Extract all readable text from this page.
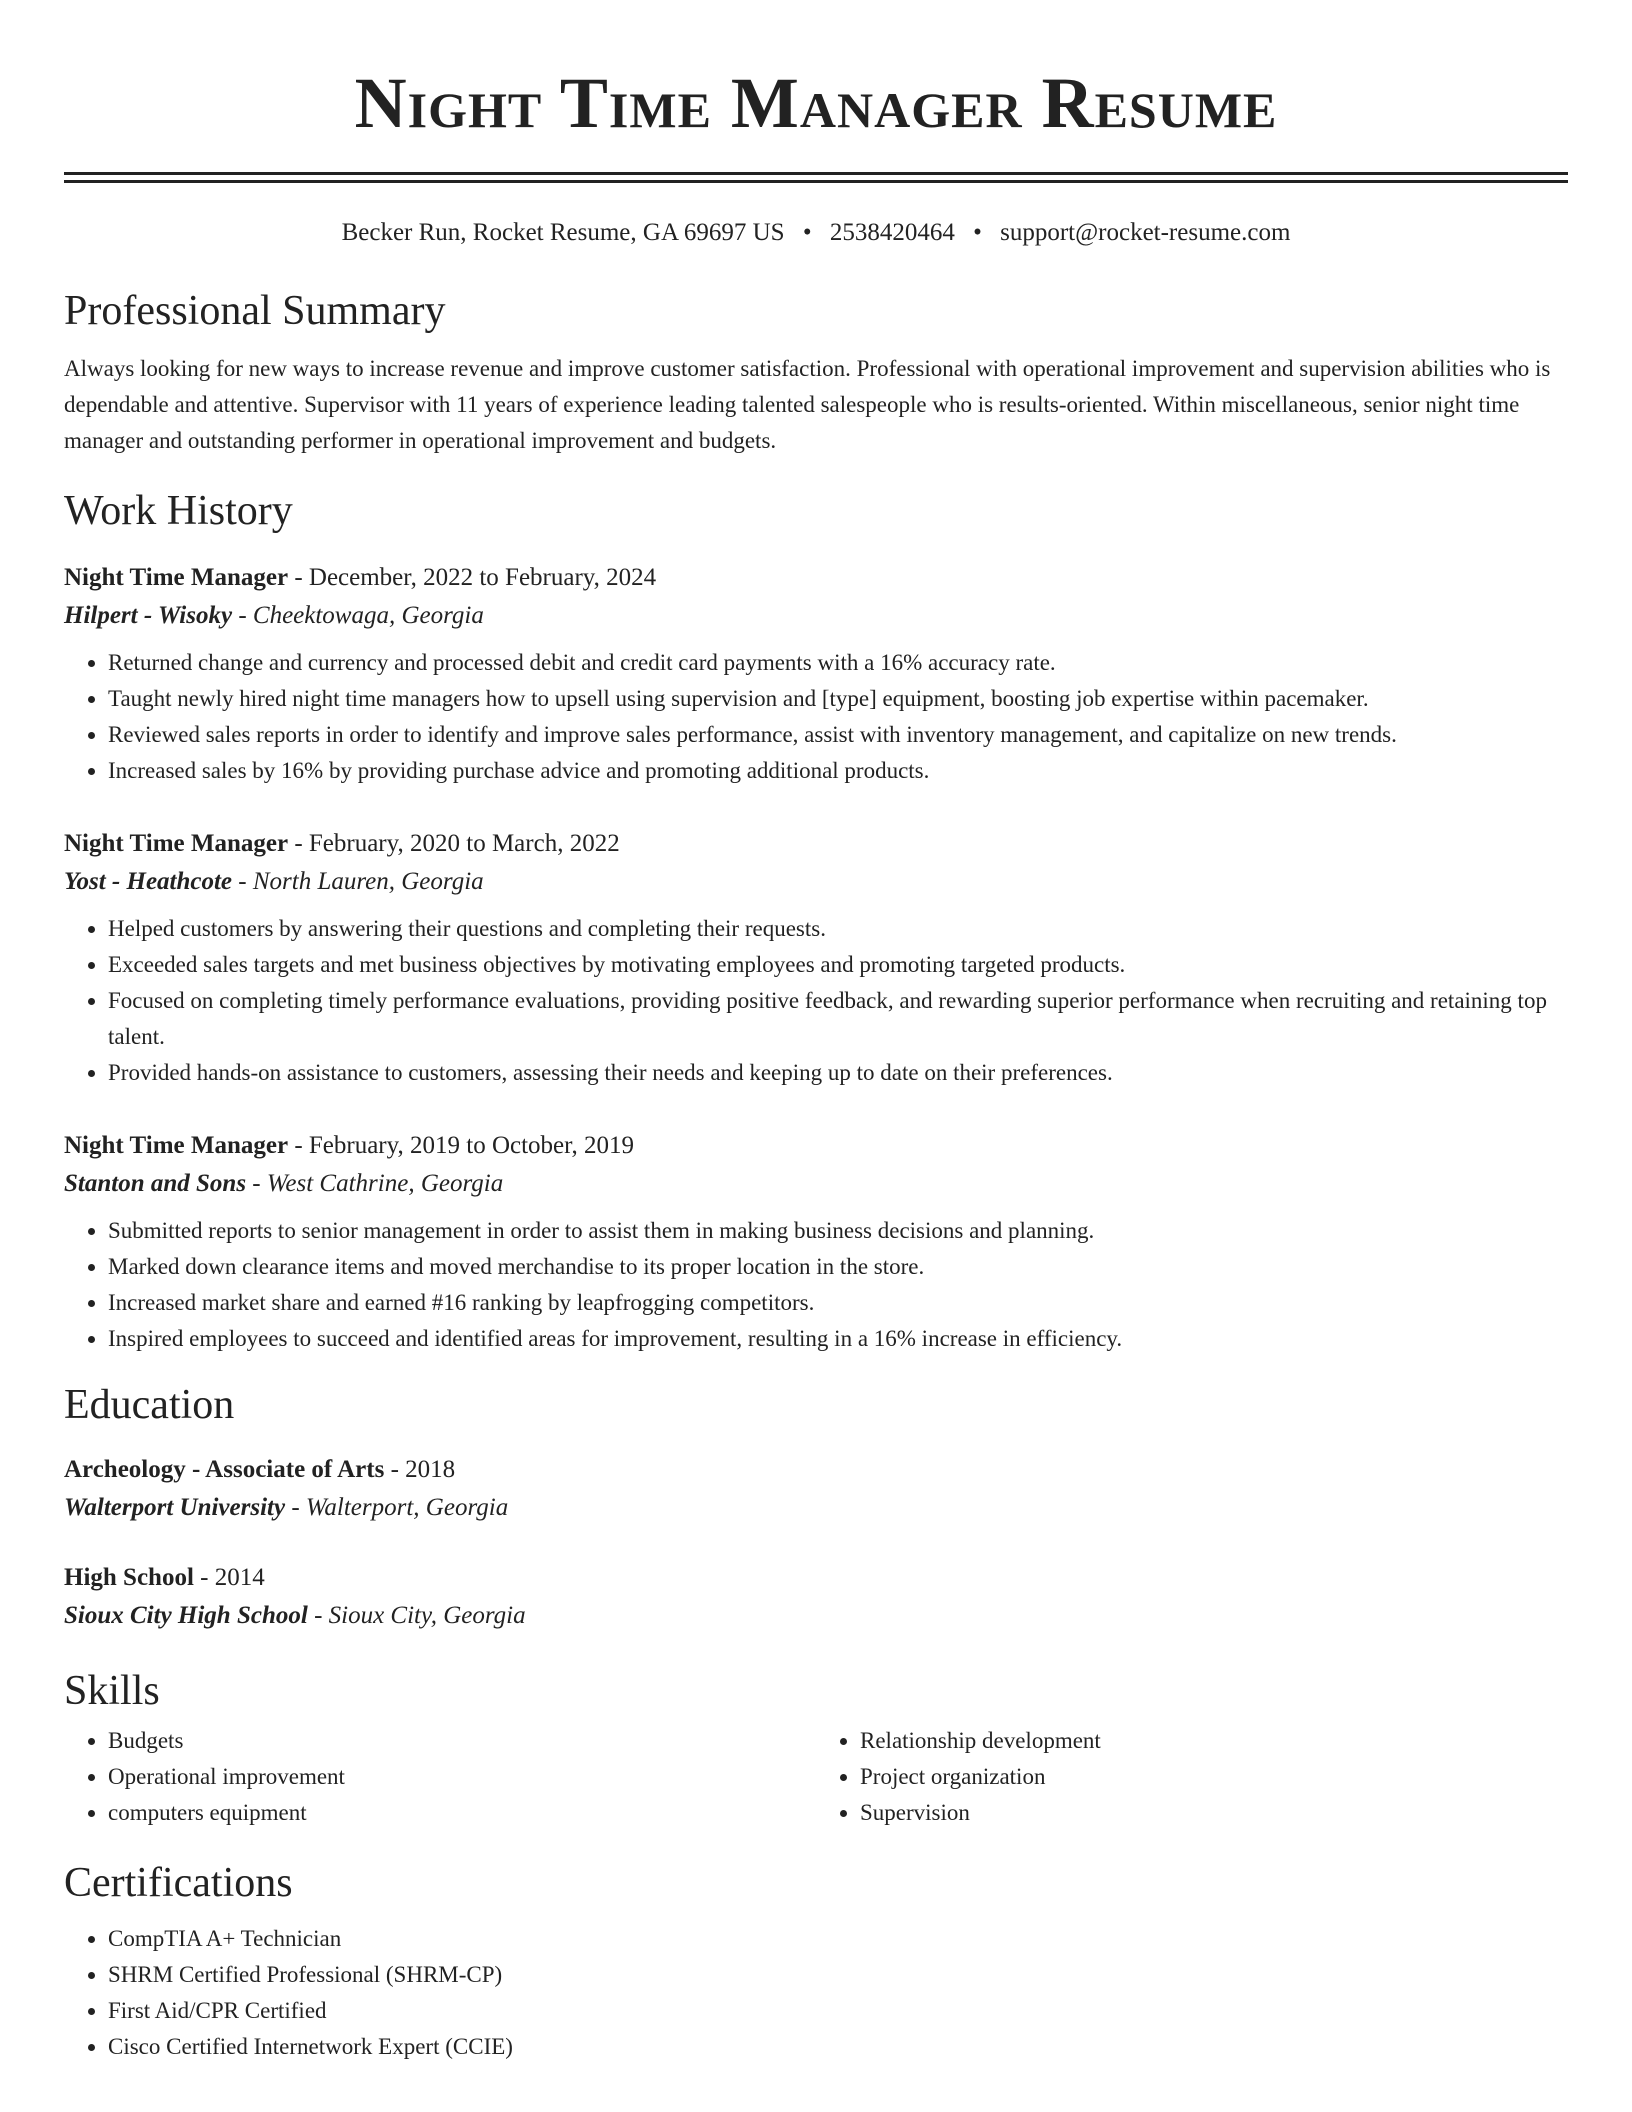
Night Time Manager Resume
Becker Run, Rocket Resume, GA 69697 US • 2538420464 • support@rocket-resume.com
Professional Summary

Always looking for new ways to increase revenue and improve customer satisfaction. Professional with operational improvement and supervision abilities who is dependable and attentive. Supervisor with 11 years of experience leading talented salespeople who is results-oriented. Within miscellaneous, senior night time manager and outstanding performer in operational improvement and budgets.

Work History
Night Time Manager - December, 2022 to February, 2024
Hilpert - Wisoky - Cheektowaga, Georgia
• Returned change and currency and processed debit and credit card payments with a 16% accuracy rate.
• Taught newly hired night time managers how to upsell using supervision and [type] equipment, boosting job expertise within pacemaker.
• Reviewed sales reports in order to identify and improve sales performance, assist with inventory management, and capitalize on new trends.
• Increased sales by 16% by providing purchase advice and promoting additional products.
Night Time Manager - February, 2020 to March, 2022
Yost - Heathcote - North Lauren, Georgia
• Helped customers by answering their questions and completing their requests.
• Exceeded sales targets and met business objectives by motivating employees and promoting targeted products.
• Focused on completing timely performance evaluations, providing positive feedback, and rewarding superior performance when recruiting and retaining top talent.
• Provided hands-on assistance to customers, assessing their needs and keeping up to date on their preferences.
Night Time Manager - February, 2019 to October, 2019
Stanton and Sons - West Cathrine, Georgia
• Submitted reports to senior management in order to assist them in making business decisions and planning.
• Marked down clearance items and moved merchandise to its proper location in the store.
• Increased market share and earned #16 ranking by leapfrogging competitors.
• Inspired employees to succeed and identified areas for improvement, resulting in a 16% increase in efficiency.
Education
Archeology - Associate of Arts - 2018
Walterport University - Walterport, Georgia
High School - 2014
Sioux City High School - Sioux City, Georgia
Skills
• Budgets
• Operational improvement
• computers equipment
• Relationship development
• Project organization
• Supervision
Certifications
• CompTIA A+ Technician
• SHRM Certified Professional (SHRM-CP)
• First Aid/CPR Certified
• Cisco Certified Internetwork Expert (CCIE)
